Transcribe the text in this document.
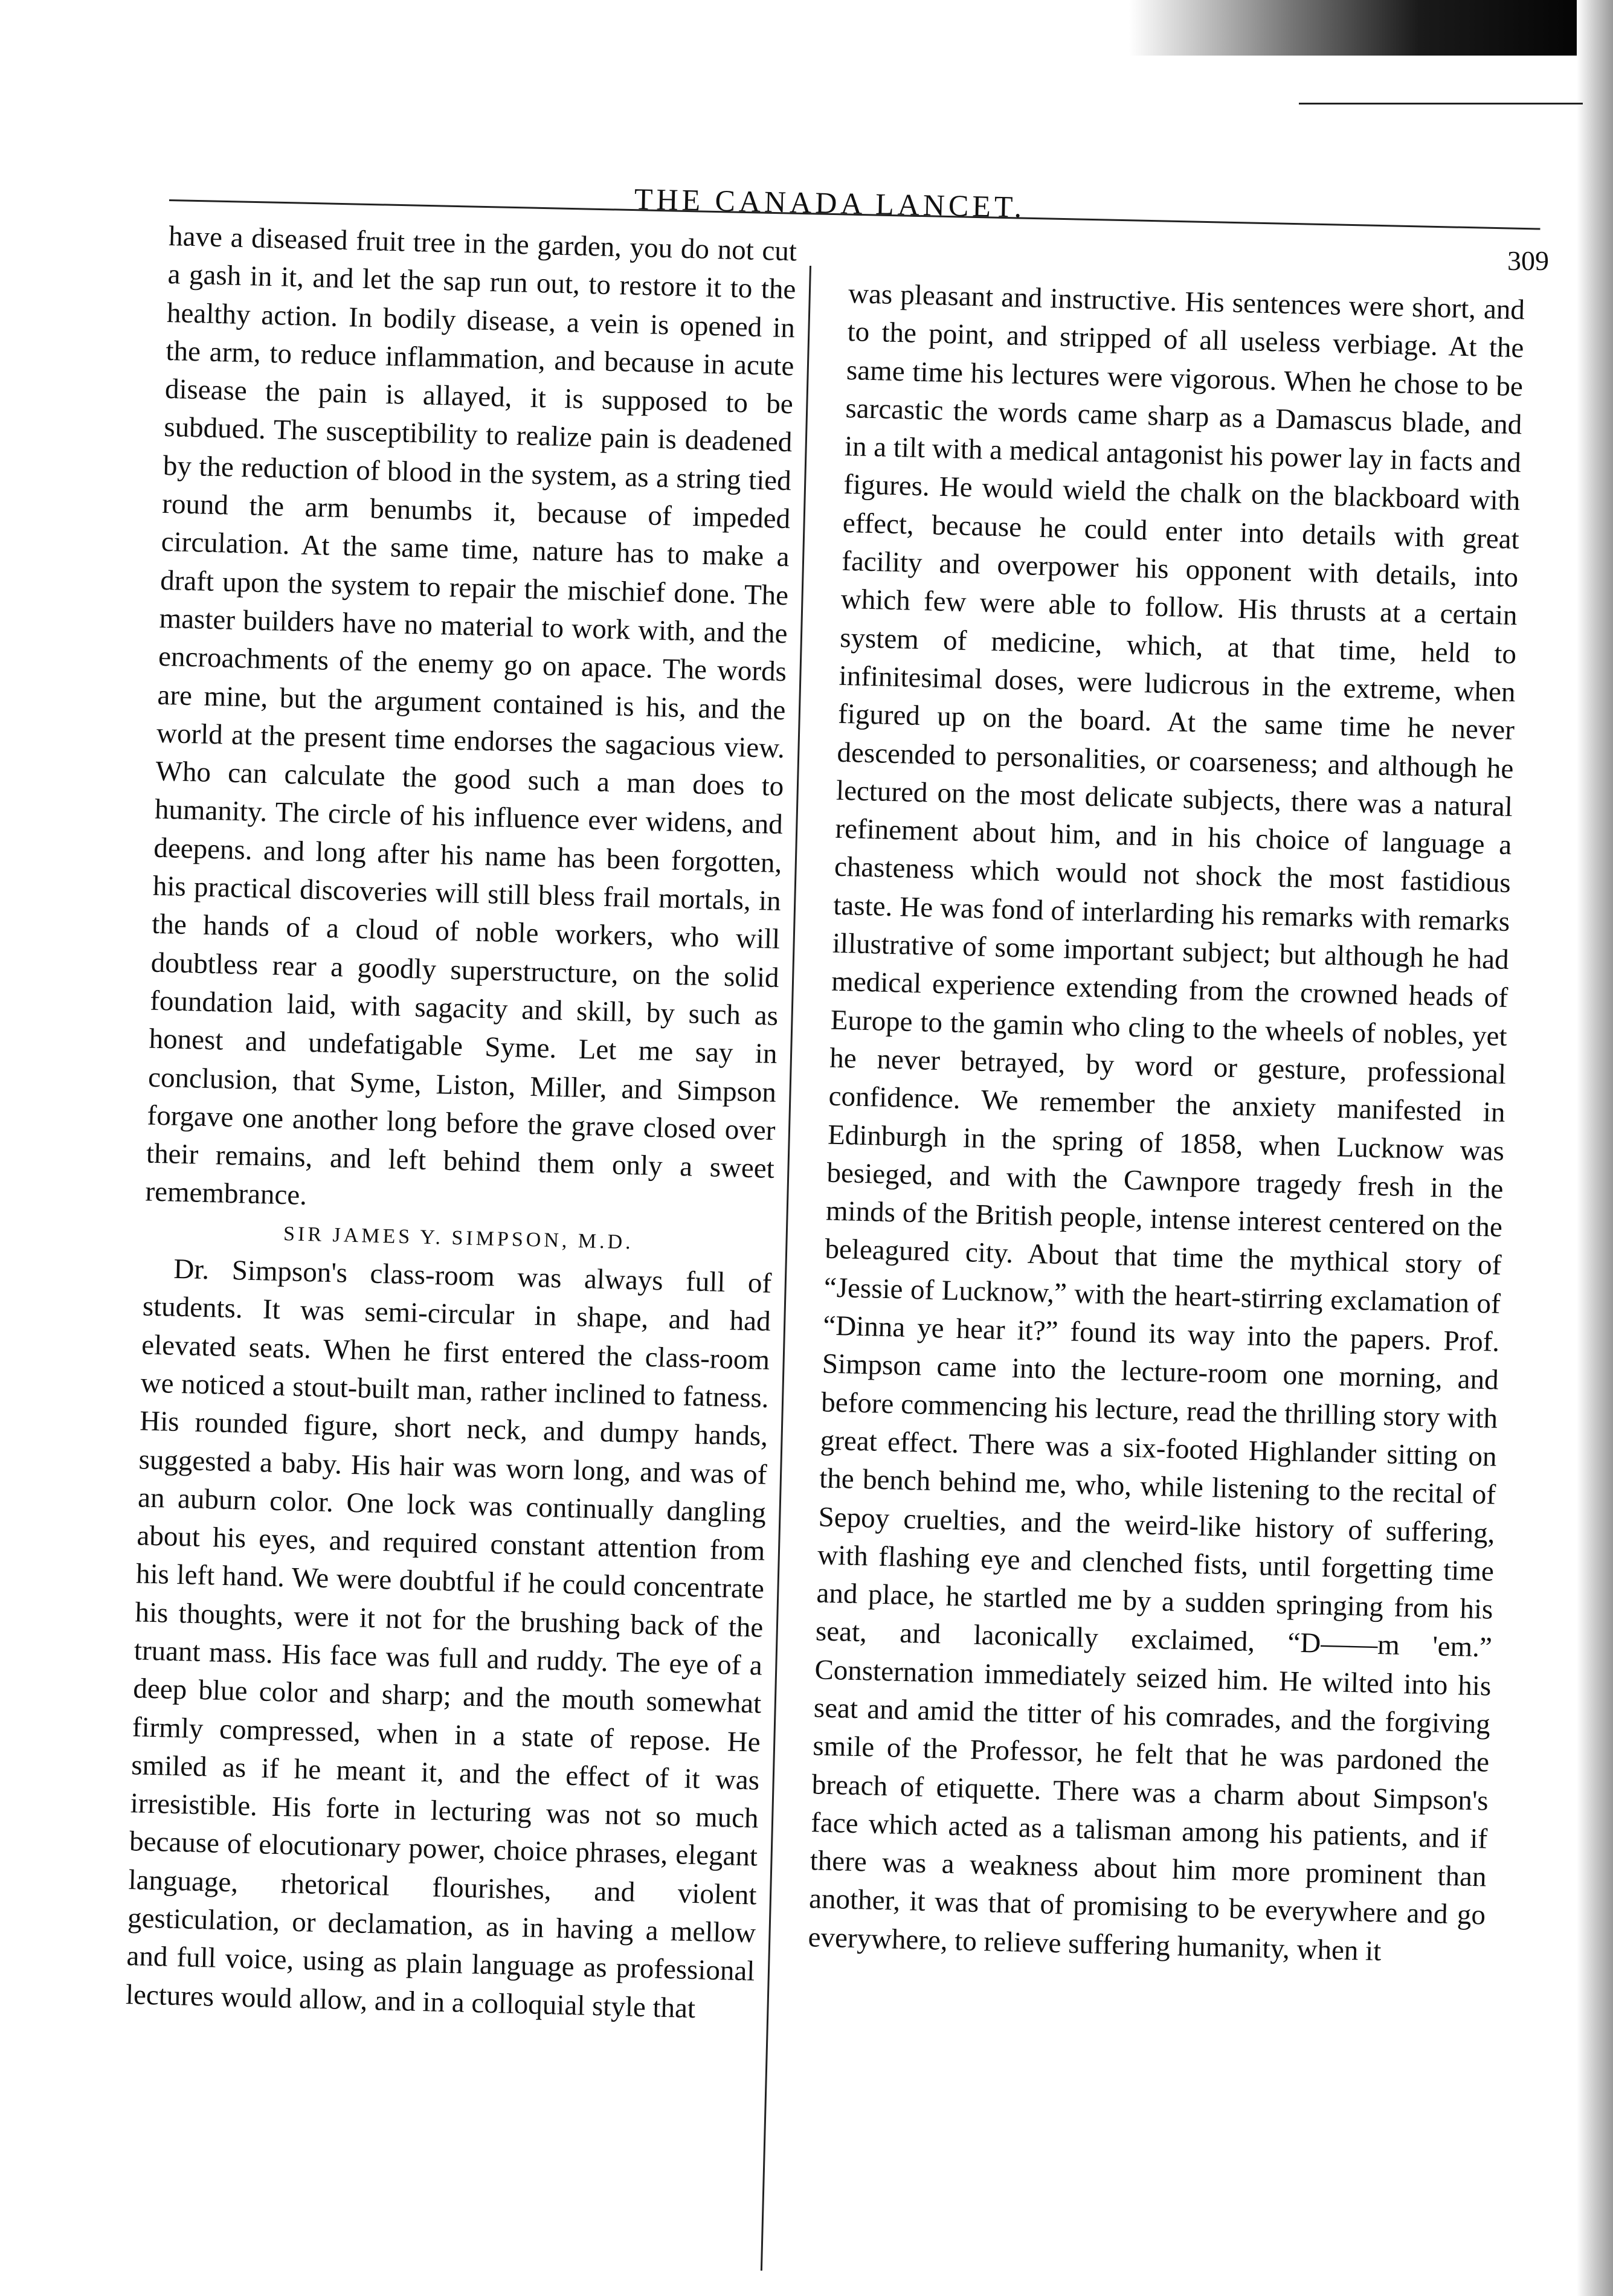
THE CANADA LANCET.
309

have a diseased fruit tree in the garden, you do not cut a gash in it, and let the sap run out, to restore it to the healthy action. In bodily disease, a vein is opened in the arm, to reduce inflammation, and because in acute disease the pain is allayed, it is supposed to be subdued. The susceptibility to realize pain is deadened by the reduction of blood in the system, as a string tied round the arm benumbs it, because of impeded circulation. At the same time, nature has to make a draft upon the system to repair the mischief done. The master builders have no material to work with, and the encroachments of the enemy go on apace. The words are mine, but the argument contained is his, and the world at the present time endorses the sagacious view. Who can calculate the good such a man does to humanity. The circle of his influence ever widens, and deepens. and long after his name has been forgotten, his practical discoveries will still bless frail mortals, in the hands of a cloud of noble workers, who will doubtless rear a goodly superstructure, on the solid foundation laid, with sagacity and skill, by such as honest and undefatigable Syme. Let me say in conclusion, that Syme, Liston, Miller, and Simpson forgave one another long before the grave closed over their remains, and left behind them only a sweet remembrance.

SIR JAMES Y. SIMPSON, M.D.

Dr. Simpson's class-room was always full of students. It was semi-circular in shape, and had elevated seats. When he first entered the class-room we noticed a stout-built man, rather inclined to fatness. His rounded figure, short neck, and dumpy hands, suggested a baby. His hair was worn long, and was of an auburn color. One lock was continually dangling about his eyes, and required constant attention from his left hand. We were doubtful if he could concentrate his thoughts, were it not for the brushing back of the truant mass. His face was full and ruddy. The eye of a deep blue color and sharp; and the mouth somewhat firmly compressed, when in a state of repose. He smiled as if he meant it, and the effect of it was irresistible. His forte in lecturing was not so much because of elocutionary power, choice phrases, elegant language, rhetorical flourishes, and violent gesticulation, or declamation, as in having a mellow and full voice, using as plain language as professional lectures would allow, and in a colloquial style that

was pleasant and instructive. His sentences were short, and to the point, and stripped of all useless verbiage. At the same time his lectures were vigorous. When he chose to be sarcastic the words came sharp as a Damascus blade, and in a tilt with a medical antagonist his power lay in facts and figures. He would wield the chalk on the blackboard with effect, because he could enter into details with great facility and overpower his opponent with details, into which few were able to follow. His thrusts at a certain system of medicine, which, at that time, held to infinitesimal doses, were ludicrous in the extreme, when figured up on the board. At the same time he never descended to personalities, or coarseness; and although he lectured on the most delicate subjects, there was a natural refinement about him, and in his choice of language a chasteness which would not shock the most fastidious taste. He was fond of interlarding his remarks with remarks illustrative of some important subject; but although he had medical experience extending from the crowned heads of Europe to the gamin who cling to the wheels of nobles, yet he never betrayed, by word or gesture, professional confidence. We remember the anxiety manifested in Edinburgh in the spring of 1858, when Lucknow was besieged, and with the Cawnpore tragedy fresh in the minds of the British people, intense interest centered on the beleagured city. About that time the mythical story of “Jessie of Lucknow,” with the heart-stirring exclamation of “Dinna ye hear it?” found its way into the papers. Prof. Simpson came into the lecture-room one morning, and before commencing his lecture, read the thrilling story with great effect. There was a six-footed Highlander sitting on the bench behind me, who, while listening to the recital of Sepoy cruelties, and the weird-like history of suffering, with flashing eye and clenched fists, until forgetting time and place, he startled me by a sudden springing from his seat, and laconically exclaimed, “D——m 'em.” Consternation immediately seized him. He wilted into his seat and amid the titter of his comrades, and the forgiving smile of the Professor, he felt that he was pardoned the breach of etiquette. There was a charm about Simpson's face which acted as a talisman among his patients, and if there was a weakness about him more prominent than another, it was that of promising to be everywhere and go everywhere, to relieve suffering humanity, when it
